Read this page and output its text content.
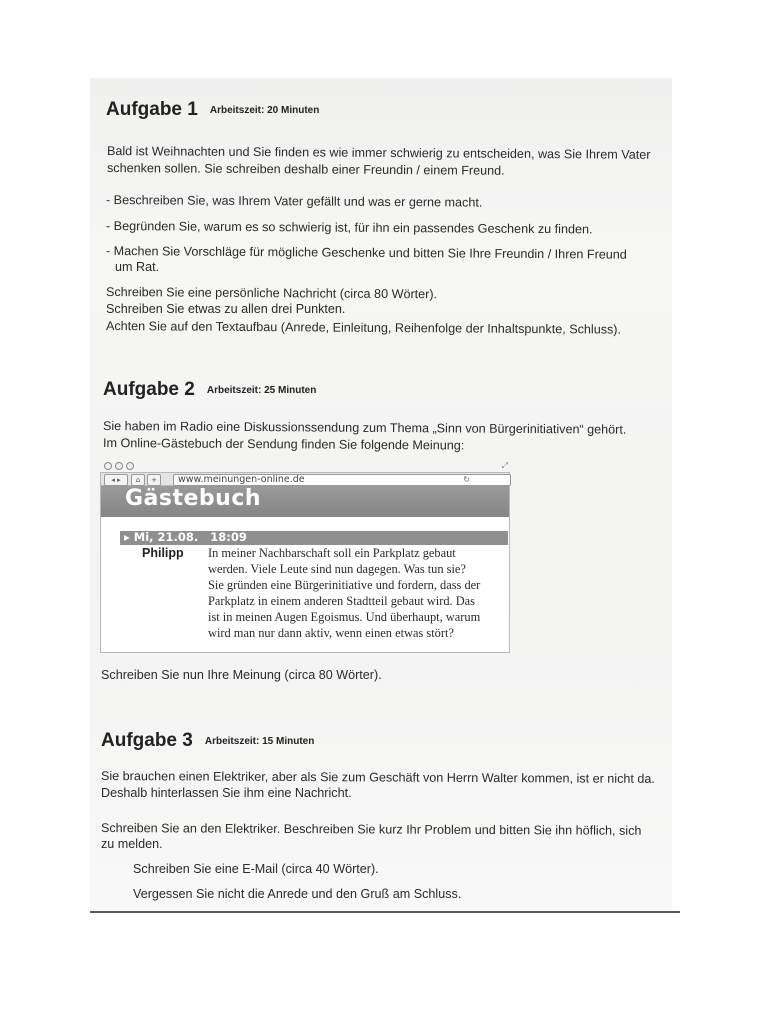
Aufgabe 1 Arbeitszeit: 20 Minuten
Bald ist Weihnachten und Sie finden es wie immer schwierig zu entscheiden, was Sie Ihrem Vater
schenken sollen. Sie schreiben deshalb einer Freundin / einem Freund.
- Beschreiben Sie, was Ihrem Vater gefällt und was er gerne macht.
- Begründen Sie, warum es so schwierig ist, für ihn ein passendes Geschenk zu finden.
- Machen Sie Vorschläge für mögliche Geschenke und bitten Sie Ihre Freundin / Ihren Freund
um Rat.
Schreiben Sie eine persönliche Nachricht (circa 80 Wörter).
Schreiben Sie etwas zu allen drei Punkten.
Achten Sie auf den Textaufbau (Anrede, Einleitung, Reihenfolge der Inhaltspunkte, Schluss).
Aufgabe 2 Arbeitszeit: 25 Minuten
Sie haben im Radio eine Diskussionssendung zum Thema „Sinn von Bürgerinitiativen“ gehört.
Im Online-Gästebuch der Sendung finden Sie folgende Meinung:
⤢
◂ ▸	⌂	+	www.meinungen-online.de	↻
Gästebuch
▸ Mi, 21.08.   18:09
Philipp In meiner Nachbarschaft soll ein Parkplatz gebaut
werden. Viele Leute sind nun dagegen. Was tun sie?
Sie gründen eine Bürgerinitiative und fordern, dass der
Parkplatz in einem anderen Stadtteil gebaut wird. Das
ist in meinen Augen Egoismus. Und überhaupt, warum
wird man nur dann aktiv, wenn einen etwas stört?
Schreiben Sie nun Ihre Meinung (circa 80 Wörter).
Aufgabe 3 Arbeitszeit: 15 Minuten
Sie brauchen einen Elektriker, aber als Sie zum Geschäft von Herrn Walter kommen, ist er nicht da.
Deshalb hinterlassen Sie ihm eine Nachricht.
Schreiben Sie an den Elektriker. Beschreiben Sie kurz Ihr Problem und bitten Sie ihn höflich, sich
zu melden.
Schreiben Sie eine E-Mail (circa 40 Wörter).
Vergessen Sie nicht die Anrede und den Gruß am Schluss.
